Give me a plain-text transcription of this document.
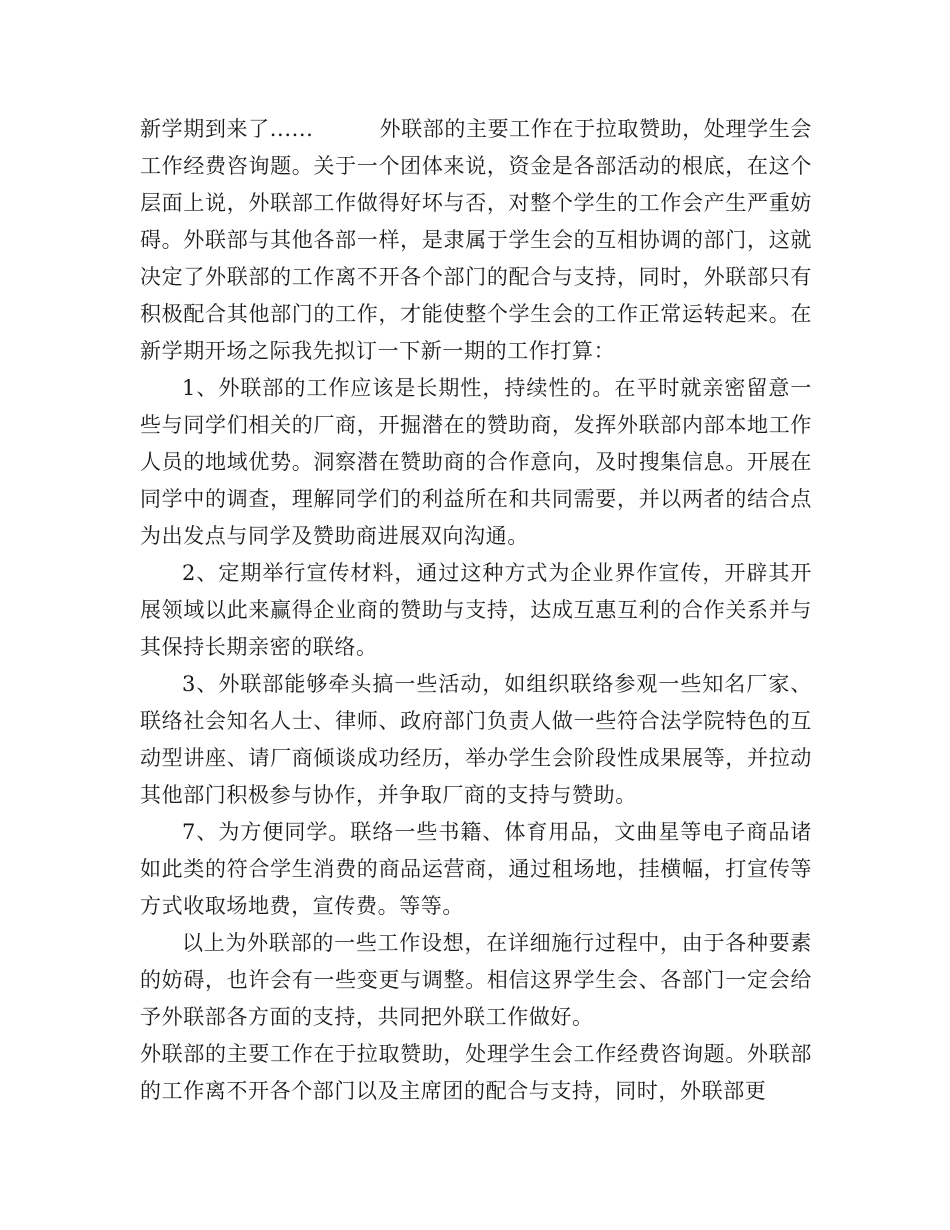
新学期到来了......	外联部的主要工作在于拉取赞助，处理学生会工作经费咨询题。关于一个团体来说，资金是各部活动的根底，在这个层面上说，外联部工作做得好坏与否，对整个学生的工作会产生严重妨碍。外联部与其他各部一样，是隶属于学生会的互相协调的部门，这就决定了外联部的工作离不开各个部门的配合与支持，同时，外联部只有积极配合其他部门的工作，才能使整个学生会的工作正常运转起来。在新学期开场之际我先拟订一下新一期的工作打算：

1、外联部的工作应该是长期性，持续性的。在平时就亲密留意一些与同学们相关的厂商，开掘潜在的赞助商，发挥外联部内部本地工作人员的地域优势。洞察潜在赞助商的合作意向，及时搜集信息。开展在同学中的调查，理解同学们的利益所在和共同需要，并以两者的结合点为出发点与同学及赞助商进展双向沟通。

2、定期举行宣传材料，通过这种方式为企业界作宣传，开辟其开展领域以此来赢得企业商的赞助与支持，达成互惠互利的合作关系并与其保持长期亲密的联络。

3、外联部能够牵头搞一些活动，如组织联络参观一些知名厂家、联络社会知名人士、律师、政府部门负责人做一些符合法学院特色的互动型讲座、请厂商倾谈成功经历，举办学生会阶段性成果展等，并拉动其他部门积极参与协作，并争取厂商的支持与赞助。

7、为方便同学。联络一些书籍、体育用品，文曲星等电子商品诸如此类的符合学生消费的商品运营商，通过租场地，挂横幅，打宣传等方式收取场地费，宣传费。等等。

以上为外联部的一些工作设想，在详细施行过程中，由于各种要素的妨碍，也许会有一些变更与调整。相信这界学生会、各部门一定会给予外联部各方面的支持，共同把外联工作做好。

外联部的主要工作在于拉取赞助，处理学生会工作经费咨询题。外联部的工作离不开各个部门以及主席团的配合与支持，同时，外联部更
